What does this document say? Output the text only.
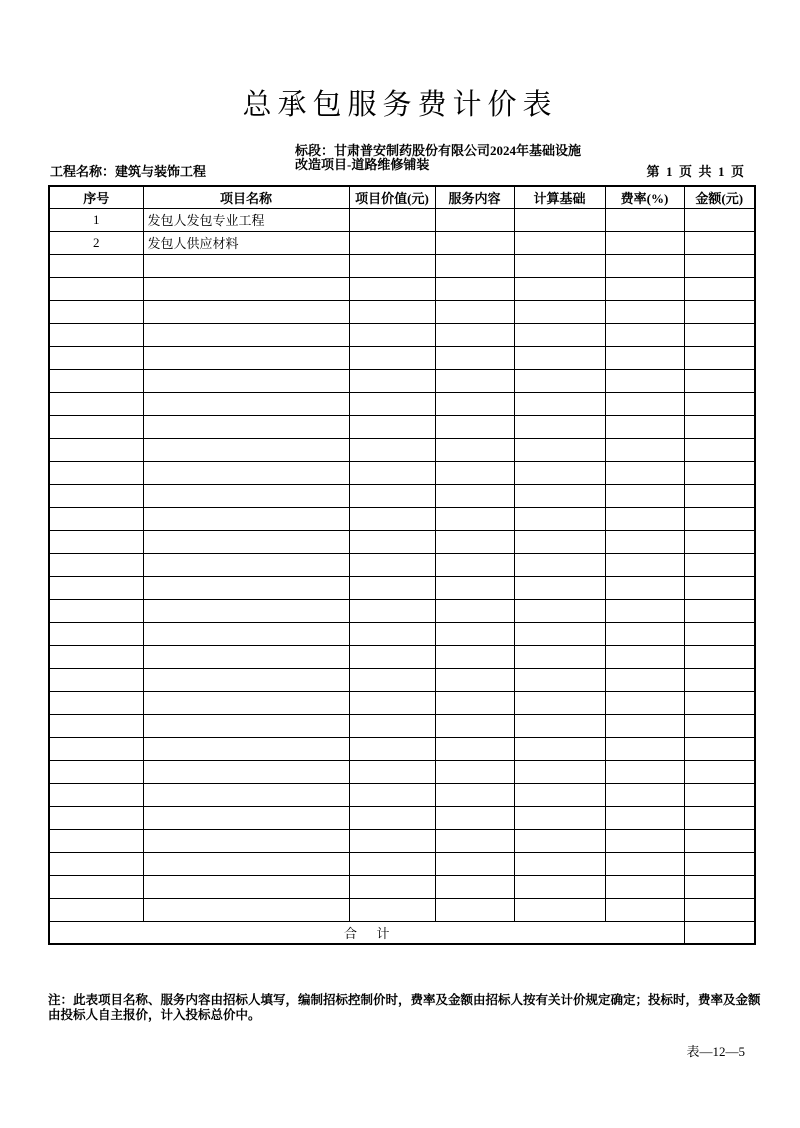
总承包服务费计价表
工程名称：建筑与装饰工程
标段：甘肃普安制药股份有限公司2024年基础设施
改造项目-道路维修铺装	第  1  页  共  1  页
序号	项目名称	项目价值(元)	服务内容	计算基础	费率(%)	金额(元)
1	发包人发包专业工程					
2	发包人供应材料					

合      计						
注：此表项目名称、服务内容由招标人填写，编制招标控制价时，费率及金额由招标人按有关计价规定确定；投标时，费率及金额
由投标人自主报价，计入投标总价中。
表—12—5
